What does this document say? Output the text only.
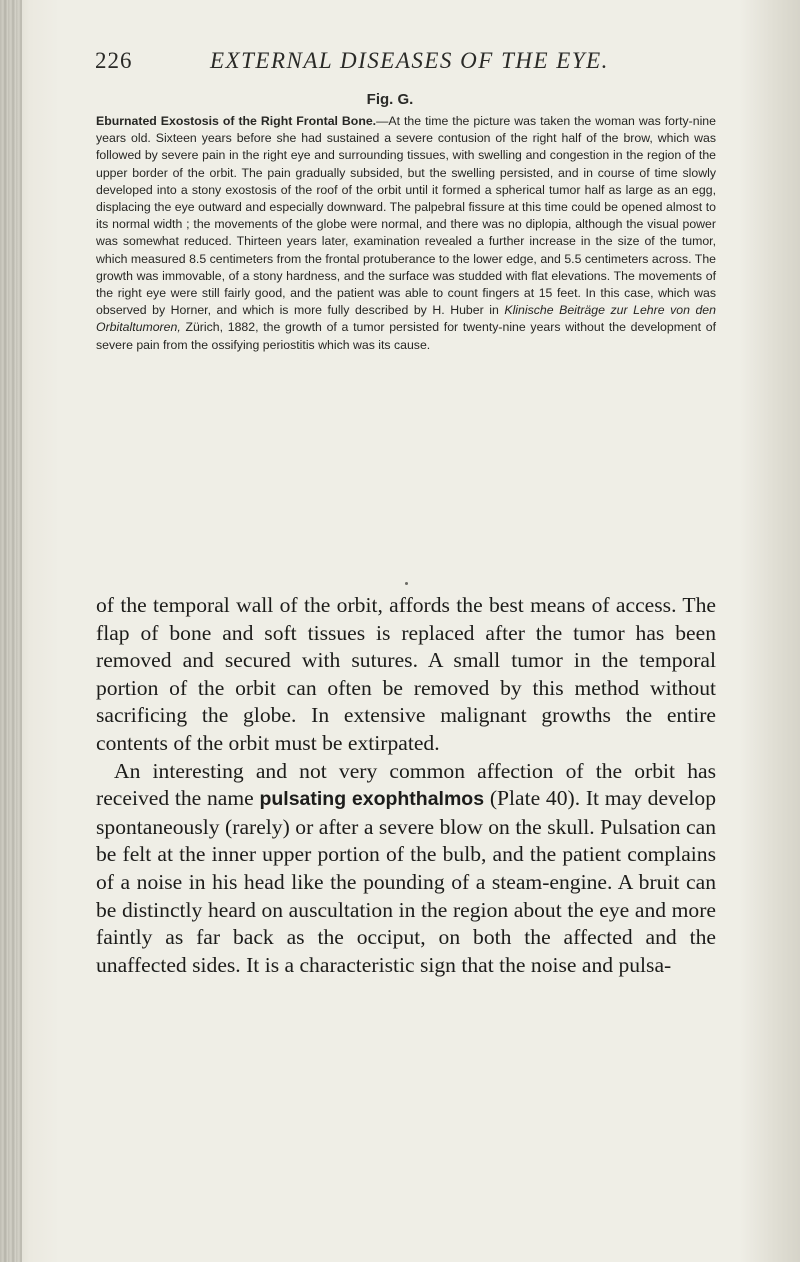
226	EXTERNAL DISEASES OF THE EYE.
Fig. G.

Eburnated Exostosis of the Right Frontal Bone.—At the time the picture was taken the woman was forty-nine years old. Sixteen years before she had sustained a severe contusion of the right half of the brow, which was followed by severe pain in the right eye and surrounding tissues, with swelling and congestion in the region of the upper border of the orbit. The pain gradually subsided, but the swelling persisted, and in course of time slowly developed into a stony exostosis of the roof of the orbit until it formed a spherical tumor half as large as an egg, displacing the eye outward and especially downward. The palpebral fissure at this time could be opened almost to its normal width ; the movements of the globe were normal, and there was no diplopia, although the visual power was somewhat reduced. Thirteen years later, examination revealed a further increase in the size of the tumor, which measured 8.5 centimeters from the frontal protuberance to the lower edge, and 5.5 centimeters across. The growth was immovable, of a stony hardness, and the surface was studded with flat elevations. The movements of the right eye were still fairly good, and the patient was able to count fingers at 15 feet. In this case, which was observed by Horner, and which is more fully described by H. Huber in Klinische Beiträge zur Lehre von den Orbitaltumoren, Zürich, 1882, the growth of a tumor persisted for twenty-nine years without the development of severe pain from the ossifying periostitis which was its cause.

of the temporal wall of the orbit, affords the best means of access. The flap of bone and soft tissues is replaced after the tumor has been removed and secured with sutures. A small tumor in the temporal portion of the orbit can often be removed by this method without sacrificing the globe. In extensive malignant growths the entire contents of the orbit must be extirpated.

An interesting and not very common affection of the orbit has received the name pulsating exophthalmos (Plate 40). It may develop spontaneously (rarely) or after a severe blow on the skull. Pulsation can be felt at the inner upper portion of the bulb, and the patient complains of a noise in his head like the pounding of a steam-engine. A bruit can be distinctly heard on auscultation in the region about the eye and more faintly as far back as the occiput, on both the affected and the unaffected sides. It is a characteristic sign that the noise and pulsa-
